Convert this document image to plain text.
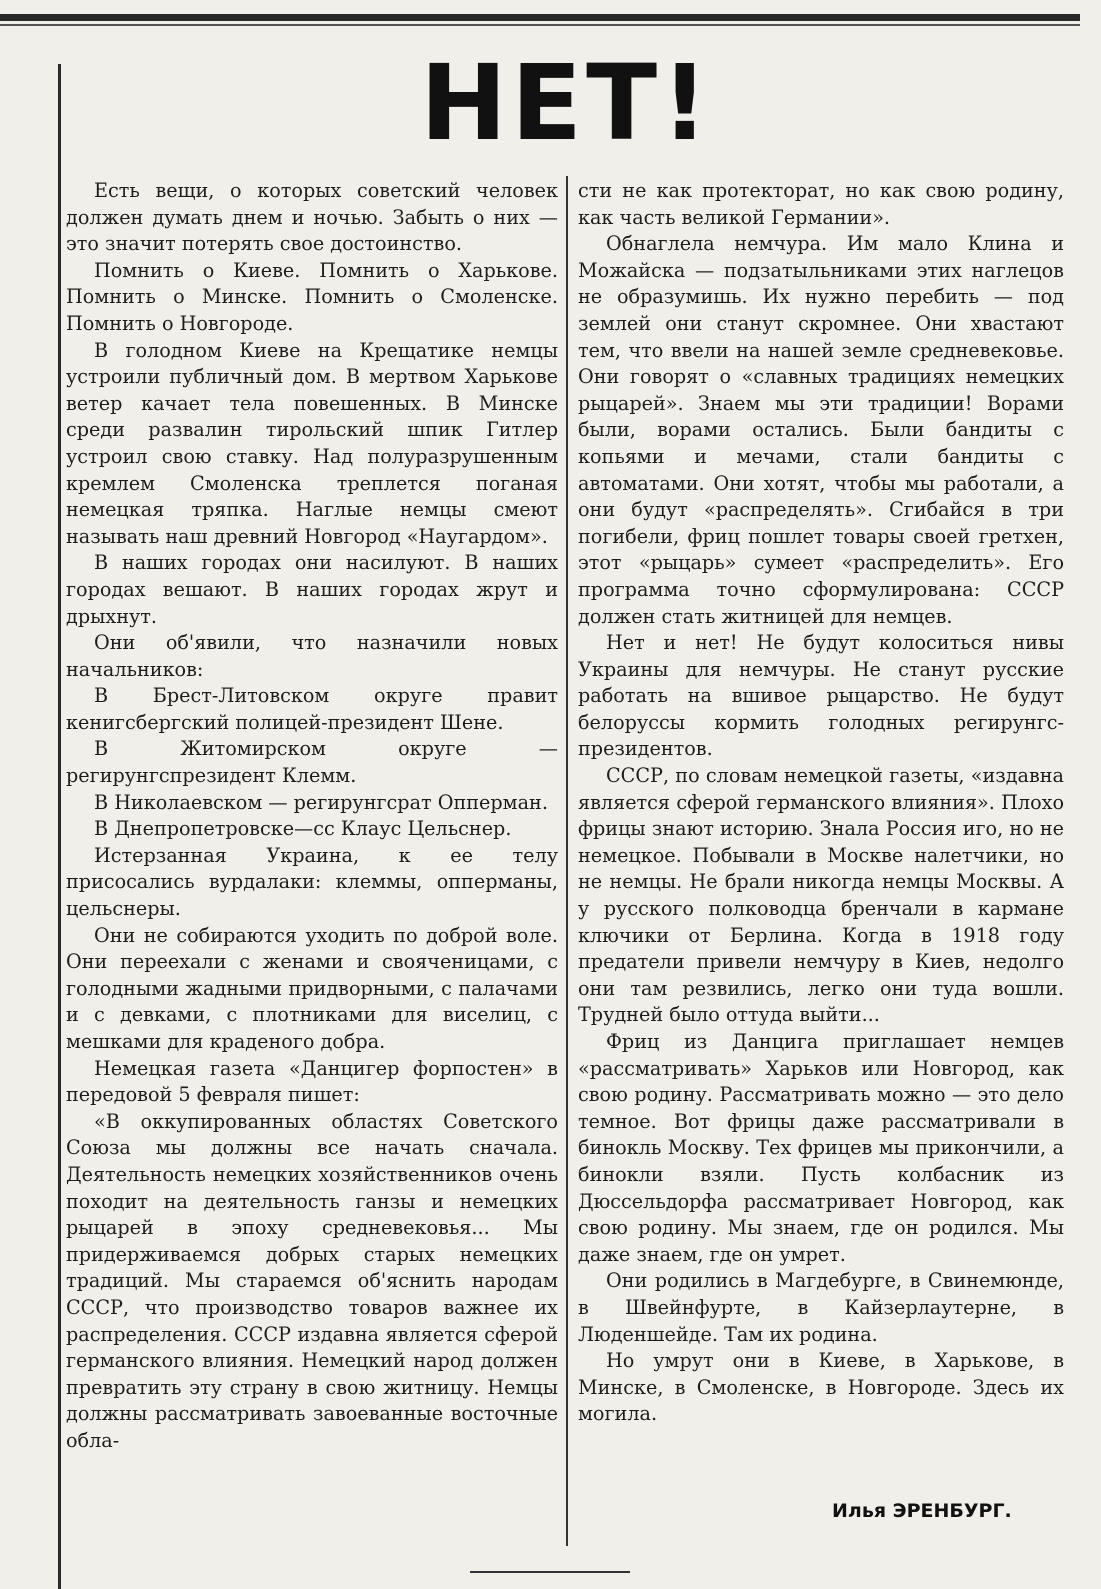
НЕТ!

Есть вещи, о которых советский человек должен думать днем и ночью. Забыть о них — это значит потерять свое достоинство.

Помнить о Киеве. Помнить о Харькове. Помнить о Минске. Помнить о Смоленске. Помнить о Новгороде.

В голодном Киеве на Крещатике немцы устроили публичный дом. В мертвом Харькове ветер качает тела повешенных. В Минске среди развалин тирольский шпик Гитлер устроил свою ставку. Над полуразрушенным кремлем Смоленска треплется поганая немецкая тряпка. Наглые немцы смеют называть наш древний Новгород «Наугардом».

В наших городах они насилуют. В наших городах вешают. В наших городах жрут и дрыхнут.

Они об'явили, что назначили новых начальников:

В Брест-Литовском округе правит кенигсбергский полицей-президент Шене.

В Житомирском округе — регирунгспрезидент Клемм.

В Николаевском — регирунгсрат Опперман.

В Днепропетровске—сс Клаус Цельснер.

Истерзанная Украина, к ее телу присосались вурдалаки: клеммы, опперманы, цельснеры.

Они не собираются уходить по доброй воле. Они переехали с женами и свояченицами, с голодными жадными придворными, с палачами и с девками, с плотниками для виселиц, с мешками для краденого добра.

Немецкая газета «Данцигер форпостен» в передовой 5 февраля пишет:

«В оккупированных областях Советского Союза мы должны все начать сначала. Деятельность немецких хозяйственников очень походит на деятельность ганзы и немецких рыцарей в эпоху средневековья... Мы придерживаемся добрых старых немецких традиций. Мы стараемся об'яснить народам СССР, что производство товаров важнее их распределения. СССР издавна является сферой германского влияния. Немецкий народ должен превратить эту страну в свою житницу. Немцы должны рассматривать завоеванные восточные обла-

сти не как протекторат, но как свою родину, как часть великой Германии».

Обнаглела немчура. Им мало Клина и Можайска — подзатыльниками этих наглецов не образумишь. Их нужно перебить — под землей они станут скромнее. Они хвастают тем, что ввели на нашей земле средневековье. Они говорят о «славных традициях немецких рыцарей». Знаем мы эти традиции! Ворами были, ворами остались. Были бандиты с копьями и мечами, стали бандиты с автоматами. Они хотят, чтобы мы работали, а они будут «распределять». Сгибайся в три погибели, фриц пошлет товары своей гретхен, этот «рыцарь» сумеет «распределить». Его программа точно сформулирована: СССР должен стать житницей для немцев.

Нет и нет! Не будут колоситься нивы Украины для немчуры. Не станут русские работать на вшивое рыцарство. Не будут белоруссы кормить голодных регирунгс-президентов.

СССР, по словам немецкой газеты, «издавна является сферой германского влияния». Плохо фрицы знают историю. Знала Россия иго, но не немецкое. Побывали в Москве налетчики, но не немцы. Не брали никогда немцы Москвы. А у русского полководца бренчали в кармане ключики от Берлина. Когда в 1918 году предатели привели немчуру в Киев, недолго они там резвились, легко они туда вошли. Трудней было оттуда выйти...

Фриц из Данцига приглашает немцев «рассматривать» Харьков или Новгород, как свою родину. Рассматривать можно — это дело темное. Вот фрицы даже рассматривали в бинокль Москву. Тех фрицев мы прикончили, а бинокли взяли. Пусть колбасник из Дюссельдорфа рассматривает Новгород, как свою родину. Мы знаем, где он родился. Мы даже знаем, где он умрет.

Они родились в Магдебурге, в Свинемюнде, в Швейнфурте, в Кайзерлаутерне, в Люденшейде. Там их родина.

Но умрут они в Киеве, в Харькове, в Минске, в Смоленске, в Новгороде. Здесь их могила.

Илья ЭРЕНБУРГ.
